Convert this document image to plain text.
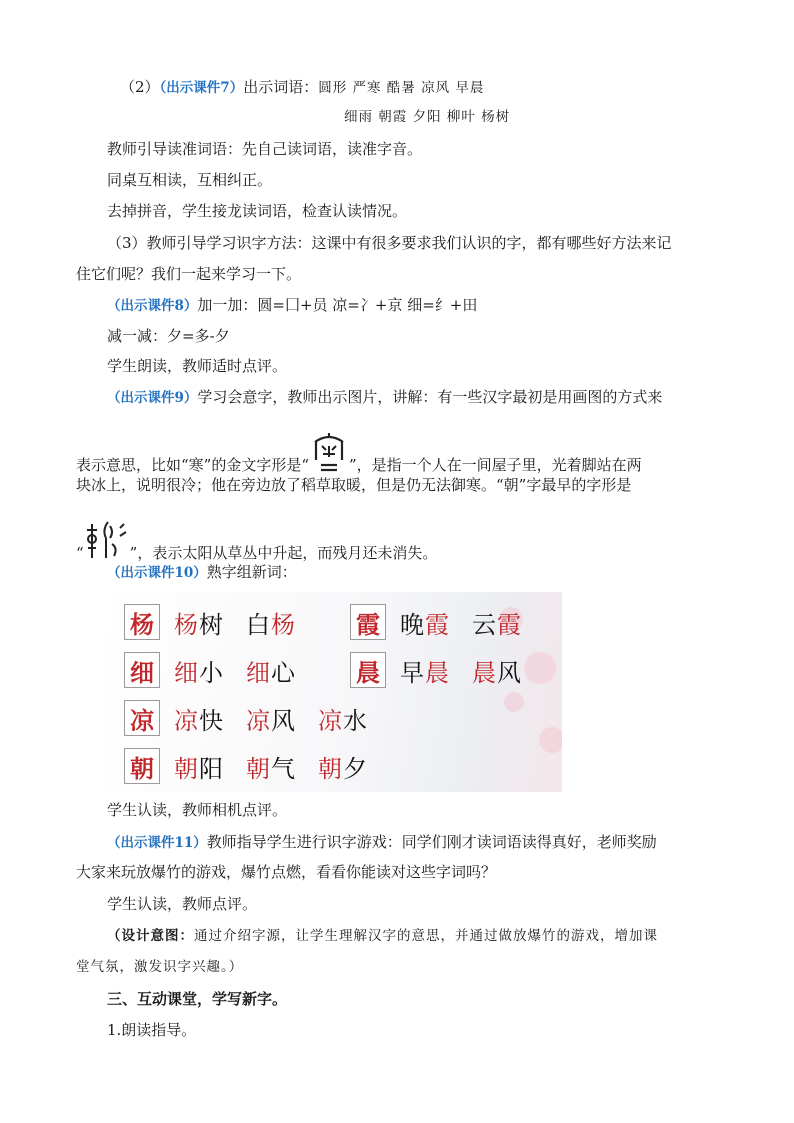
（2）（出示课件7）出示词语：圆形 严寒 酷暑 凉风 早晨
细雨 朝霞 夕阳 柳叶 杨树
教师引导读准词语：先自己读词语，读准字音。
同桌互相读，互相纠正。
去掉拼音，学生接龙读词语，检查认读情况。
（3）教师引导学习识字方法：这课中有很多要求我们认识的字，都有哪些好方法来记
住它们呢？我们一起来学习一下。
（出示课件8）加一加：圆=囗+员 凉=冫+京 细=纟+田
减一减：夕=多-夕
学生朗读，教师适时点评。
（出示课件9）学习会意字，教师出示图片，讲解：有一些汉字最初是用画图的方式来
表示意思，比如“寒”的金文字形是“	”，是指一个人在一间屋子里，光着脚站在两
块冰上，说明很冷；他在旁边放了稻草取暖，但是仍无法御寒。“朝”字最早的字形是
“	”，表示太阳从草丛中升起，而残月还未消失。
（出示课件10）熟字组新词：
杨 杨树 白杨
细 细小 细心
凉 凉快 凉风 凉水
朝 朝阳 朝气 朝夕
霞 晚霞 云霞
晨 早晨 晨风
学生认读，教师相机点评。
（出示课件11）教师指导学生进行识字游戏：同学们刚才读词语读得真好，老师奖励
大家来玩放爆竹的游戏，爆竹点燃，看看你能读对这些字词吗？
学生认读，教师点评。
（设计意图：通过介绍字源，让学生理解汉字的意思，并通过做放爆竹的游戏，增加课
堂气氛，激发识字兴趣。）
三、互动课堂，学写新字。
1.朗读指导。
